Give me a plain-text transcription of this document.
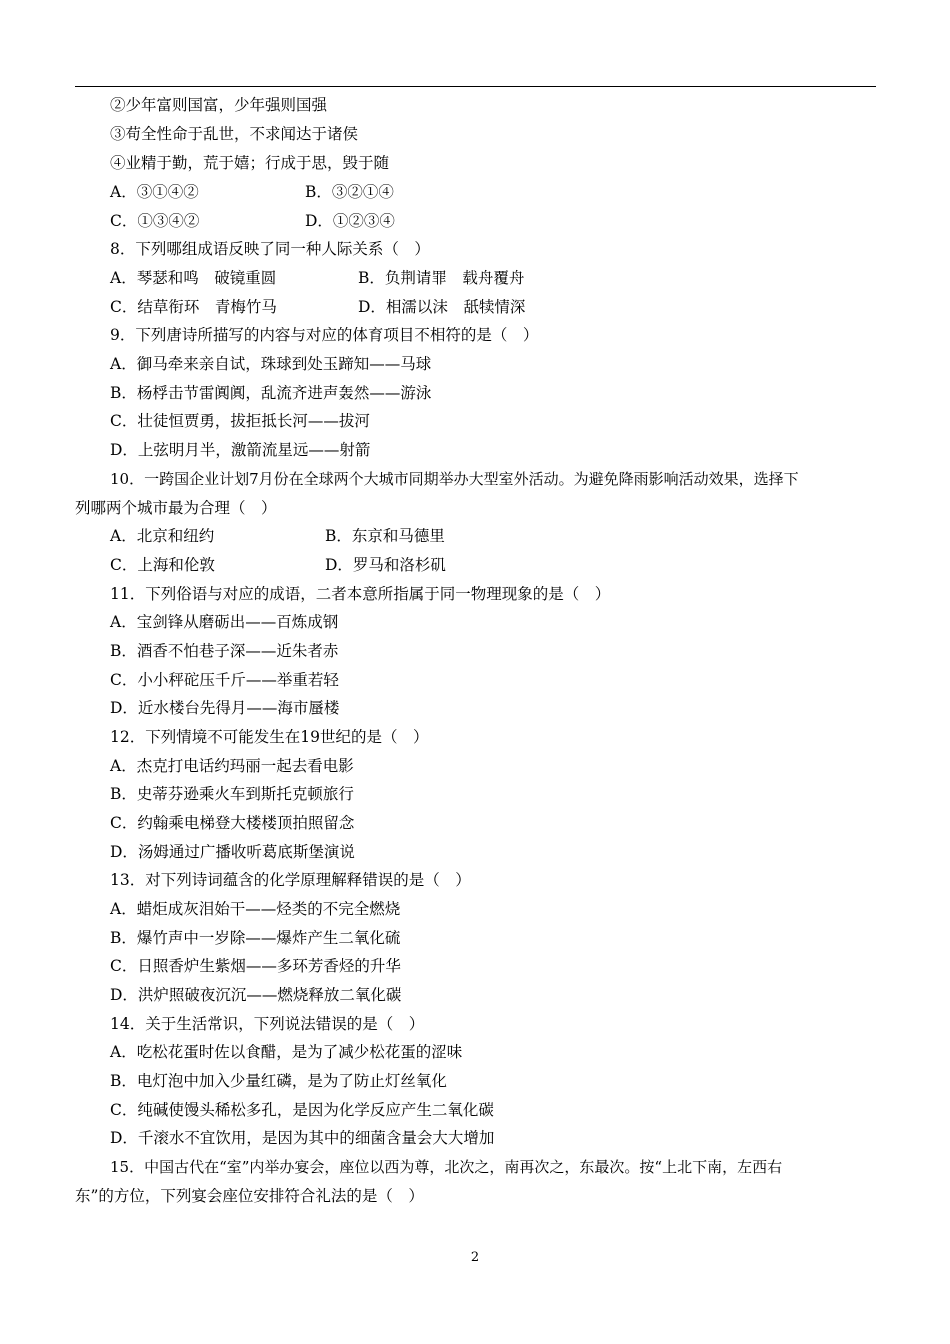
②少年富则国富，少年强则国强
③苟全性命于乱世，不求闻达于诸侯
④业精于勤，荒于嬉；行成于思，毁于随
A．③①④②	B．③②①④
C．①③④②	D．①②③④
8．下列哪组成语反映了同一种人际关系（　）
A．琴瑟和鸣　破镜重圆	B．负荆请罪　载舟覆舟
C．结草衔环　青梅竹马	D．相濡以沫　舐犊情深
9．下列唐诗所描写的内容与对应的体育项目不相符的是（　）
A．御马牵来亲自试，珠球到处玉蹄知——马球
B．杨桴击节雷阗阗，乱流齐进声轰然——游泳
C．壮徒恒贾勇，拔拒抵长河——拔河
D．上弦明月半，激箭流星远——射箭
10．一跨国企业计划7月份在全球两个大城市同期举办大型室外活动。为避免降雨影响活动效果，选择下
列哪两个城市最为合理（　）
A．北京和纽约	B．东京和马德里
C．上海和伦敦	D．罗马和洛杉矶
11．下列俗语与对应的成语，二者本意所指属于同一物理现象的是（　）
A．宝剑锋从磨砺出——百炼成钢
B．酒香不怕巷子深——近朱者赤
C．小小秤砣压千斤——举重若轻
D．近水楼台先得月——海市蜃楼
12．下列情境不可能发生在19世纪的是（　）
A．杰克打电话约玛丽一起去看电影
B．史蒂芬逊乘火车到斯托克顿旅行
C．约翰乘电梯登大楼楼顶拍照留念
D．汤姆通过广播收听葛底斯堡演说
13．对下列诗词蕴含的化学原理解释错误的是（　）
A．蜡炬成灰泪始干——烃类的不完全燃烧
B．爆竹声中一岁除——爆炸产生二氧化硫
C．日照香炉生紫烟——多环芳香烃的升华
D．洪炉照破夜沉沉——燃烧释放二氧化碳
14．关于生活常识，下列说法错误的是（　）
A．吃松花蛋时佐以食醋，是为了减少松花蛋的涩味
B．电灯泡中加入少量红磷，是为了防止灯丝氧化
C．纯碱使馒头稀松多孔，是因为化学反应产生二氧化碳
D．千滚水不宜饮用，是因为其中的细菌含量会大大增加
15．中国古代在“室”内举办宴会，座位以西为尊，北次之，南再次之，东最次。按“上北下南，左西右
东”的方位，下列宴会座位安排符合礼法的是（　）
2
